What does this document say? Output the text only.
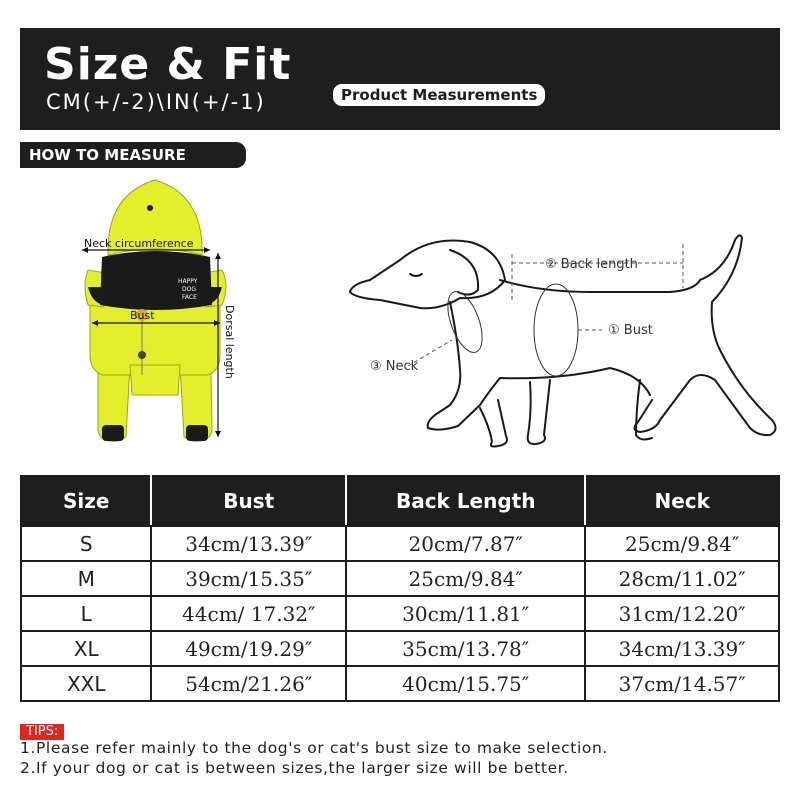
Size & Fit
Product Measurements
CM(+/-2)\IN(+/-1)
HOW TO MEASURE
HAPPY
DOG
FACE
Neck circumference
Bust	Dorsal length
② Back length
① Bust
③ Neck
Size	Bust	Back Length	Neck
S	34cm/13.39″	20cm/7.87″	25cm/9.84″
M	39cm/15.35″	25cm/9.84″	28cm/11.02″
L	44cm/ 17.32″	30cm/11.81″	31cm/12.20″
XL	49cm/19.29″	35cm/13.78″	34cm/13.39″
XXL	54cm/21.26″	40cm/15.75″	37cm/14.57″
TIPS:
1.Please refer mainly to the dog's or cat's bust size to make selection.
2.If your dog or cat is between sizes,the larger size will be better.
